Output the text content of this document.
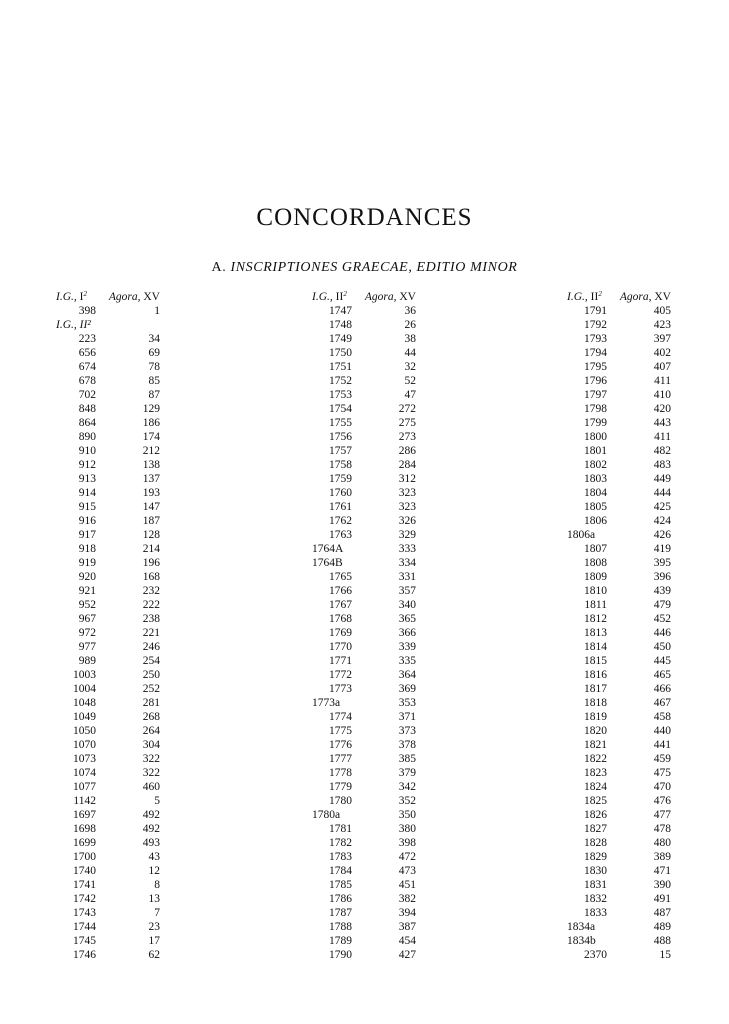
CONCORDANCES
A. INSCRIPTIONES GRAECAE, EDITIO MINOR
I.G., $I^2$ Agora, XV
398	1
I.G., II²
223	34
656	69
674	78
678	85
702	87
848	129
864	186
890	174
910	212
912	138
913	137
914	193
915	147
916	187
917	128
918	214
919	196
920	168
921	232
952	222
967	238
972	221
977	246
989	254
1003	250
1004	252
1048	281
1049	268
1050	264
1070	304
1073	322
1074	322
1077	460
1142	5
1697	492
1698	492
1699	493
1700	43
1740	12
1741	8
1742	13
1743	7
1744	23
1745	17
1746	62
I.G., $II^2$ Agora, XV
1747	36
1748	26
1749	38
1750	44
1751	32
1752	52
1753	47
1754	272
1755	275
1756	273
1757	286
1758	284
1759	312
1760	323
1761	323
1762	326
1763	329
1764A	333
1764B	334
1765	331
1766	357
1767	340
1768	365
1769	366
1770	339
1771	335
1772	364
1773	369
1773a	353
1774	371
1775	373
1776	378
1777	385
1778	379
1779	342
1780	352
1780a	350
1781	380
1782	398
1783	472
1784	473
1785	451
1786	382
1787	394
1788	387
1789	454
1790	427
I.G., $II^2$ Agora, XV
1791	405
1792	423
1793	397
1794	402
1795	407
1796	411
1797	410
1798	420
1799	443
1800	411
1801	482
1802	483
1803	449
1804	444
1805	425
1806	424
1806a	426
1807	419
1808	395
1809	396
1810	439
1811	479
1812	452
1813	446
1814	450
1815	445
1816	465
1817	466
1818	467
1819	458
1820	440
1821	441
1822	459
1823	475
1824	470
1825	476
1826	477
1827	478
1828	480
1829	389
1830	471
1831	390
1832	491
1833	487
1834a	489
1834b	488
2370	15
